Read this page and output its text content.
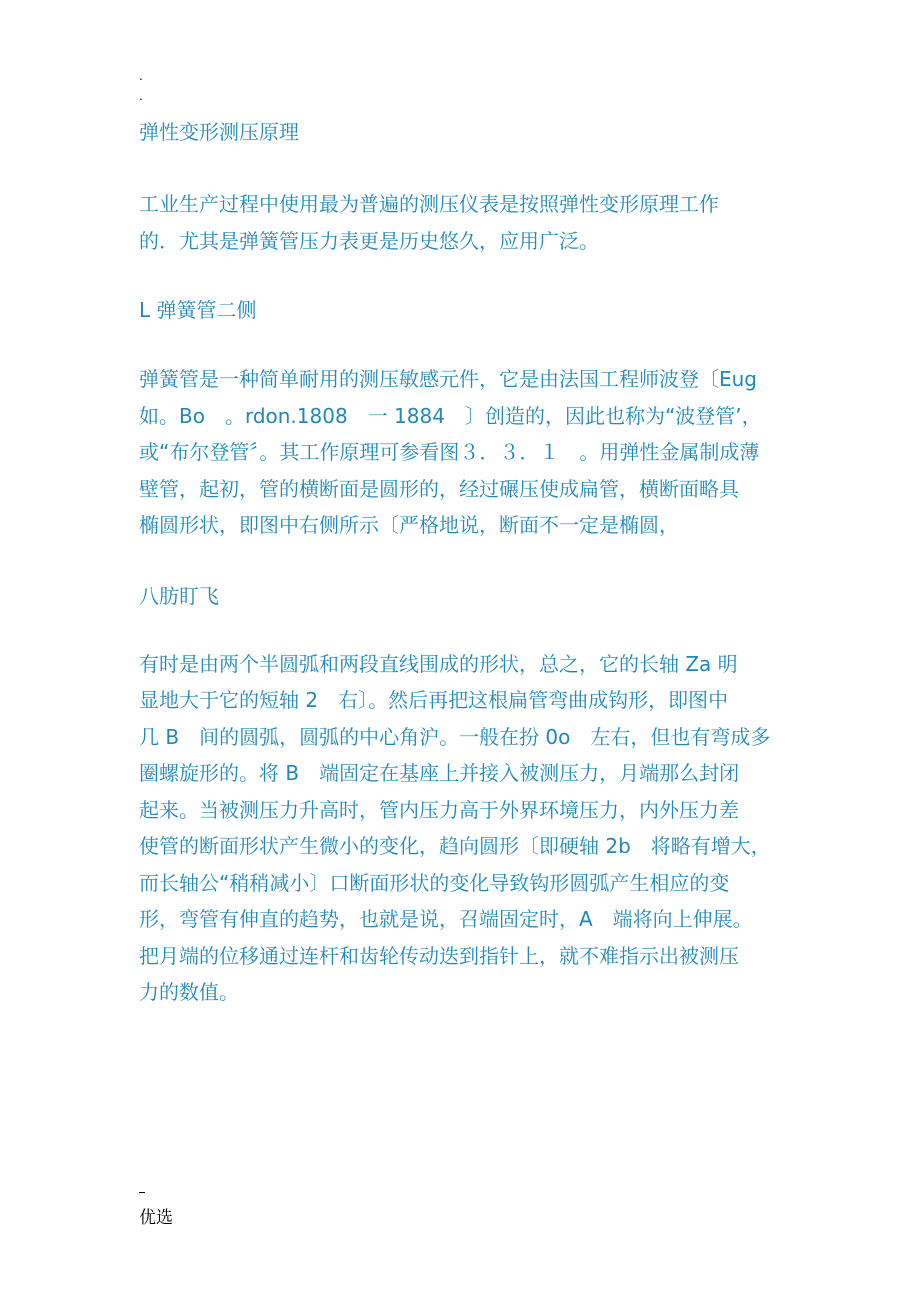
.
.

弹性变形测压原理

工业生产过程中使用最为普遍的测压仪表是按照弹性变形原理工作
的．尤其是弹簧管压力表更是历史悠久，应用广泛。

L 弹簧管二侧

弹簧管是一种简单耐用的测压敏感元件，它是由法国工程师波登〔Eug
如。Bo　。rdon.1808　一 1884　〕创造的，因此也称为“波登管’，
或“布尔登管〞。其工作原理可参看图３．３．１　。用弹性金属制成薄
壁管，起初，管的横断面是圆形的，经过碾压使成扁管，横断面略具
椭圆形状，即图中右侧所示〔严格地说，断面不一定是椭圆，

八肪盯飞

有时是由两个半圆弧和两段直线围成的形状，总之，它的长轴 Za 明
显地大于它的短轴 2　右〕。然后再把这根扁管弯曲成钩形，即图中
几 B　间的圆弧，圆弧的中心角沪。一般在扮 0o　左右，但也有弯成多
圈螺旋形的。将 B　端固定在基座上并接入被测压力，月端那么封闭
起来。当被测压力升高时，管内压力高于外界环境压力，内外压力差
使管的断面形状产生微小的变化，趋向圆形〔即硬轴 2b　将略有增大，
而长轴公“稍稍减小〕口断面形状的变化导致钩形圆弧产生相应的变
形，弯管有伸直的趋势，也就是说，召端固定时，A　端将向上伸展。
把月端的位移通过连杆和齿轮传动迭到指针上，就不难指示出被测压
力的数值。

优选
